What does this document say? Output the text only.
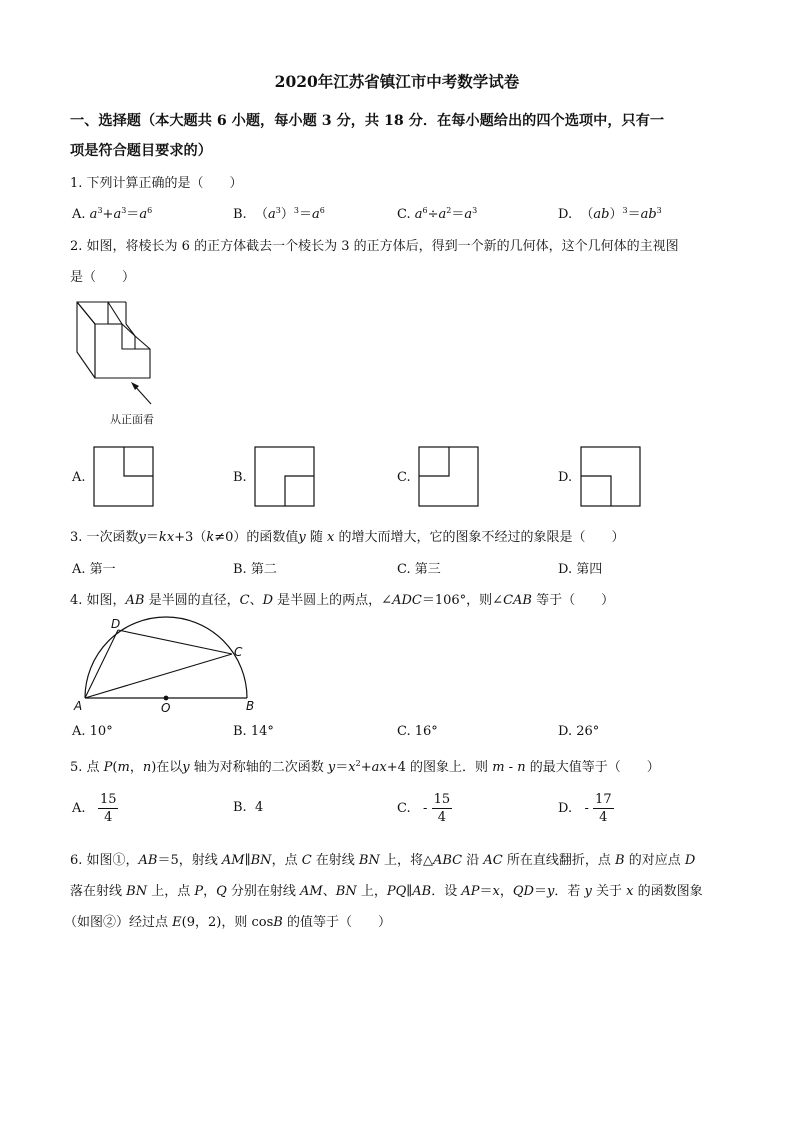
2020年江苏省镇江市中考数学试卷
一、选择题（本大题共 6 小题，每小题 3 分，共 18 分．在每小题给出的四个选项中，只有一
项是符合题目要求的）
1. 下列计算正确的是（　　）
A. $a^3+a^3=a^6$	B. $(a^3)^3=a^6$	C. $a^6\div a^2=a^3$	D. $(ab)^3=ab^3$
2. 如图，将棱长为 6 的正方体截去一个棱长为 3 的正方体后，得到一个新的几何体，这个几何体的主视图
是（　　）
从正面看
A.	B.	C.	D.
3. 一次函数y＝kx+3（k≠0）的函数值y 随 x 的增大而增大，它的图象不经过的象限是（　　）
A. 第一	B. 第二	C. 第三	D. 第四
4. 如图，AB 是半圆的直径，C、D 是半圆上的两点，∠ADC＝106°，则∠CAB 等于（　　）
A	B
C
D
O
A. 10°	B. 14°	C. 16°	D. 26°
5. 点 P(m，n)在以y 轴为对称轴的二次函数 $y=x^2+ax+4$ 的图象上．则 m - n 的最大值等于（　　）
A. $\frac{15}{4}$	B. 4	C. - $\frac{15}{4}$	D. - $\frac{17}{4}$
6. 如图①，AB＝5，射线 AM∥BN，点 C 在射线 BN 上，将△ABC 沿 AC 所在直线翻折，点 B 的对应点 D
落在射线 BN 上，点 P，Q 分别在射线 AM、BN 上，PQ∥AB．设 AP＝x，QD＝y．若 y 关于 x 的函数图象
（如图②）经过点 E(9，2)，则 cosB 的值等于（　　）
